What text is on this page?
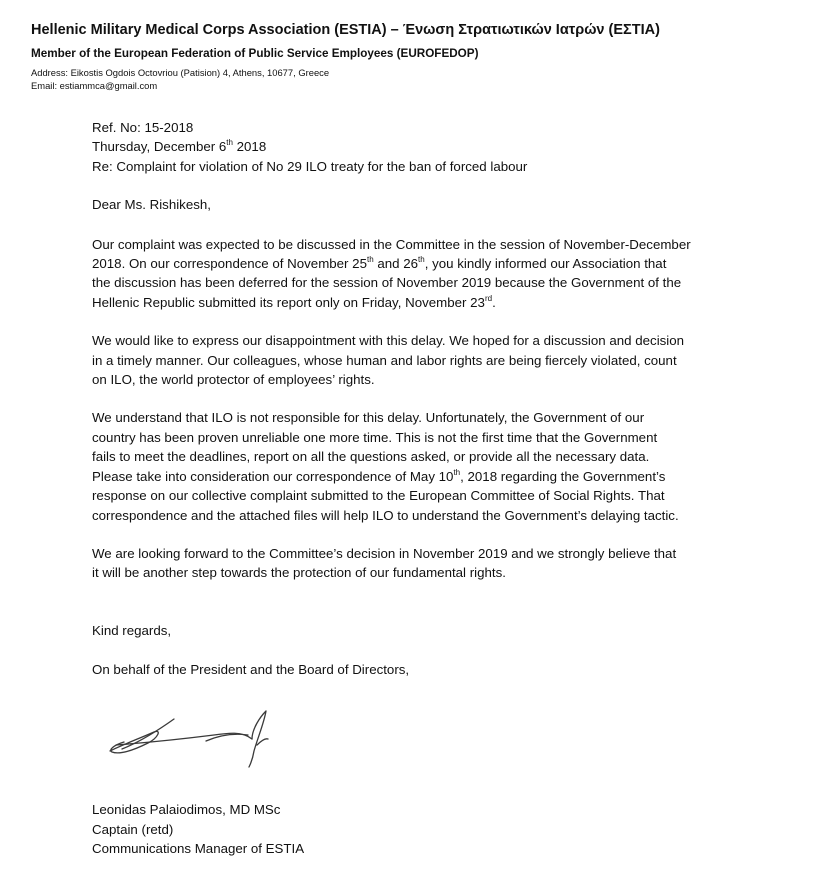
Hellenic Military Medical Corps Association (ESTIA) – Ένωση Στρατιωτικών Ιατρών (ΕΣΤΙΑ)
Member of the European Federation of Public Service Employees (EUROFEDOP)
Address: Eikostis Ogdois Octovriou (Patision) 4, Athens, 10677, Greece
Email: estiammca@gmail.com
Ref. No: 15-2018
Thursday, December 6th 2018
Re: Complaint for violation of No 29 ILO treaty for the ban of forced labour

Dear Ms. Rishikesh,

Our complaint was expected to be discussed in the Committee in the session of November-December

2018. On our correspondence of November 25th and 26th, you kindly informed our Association that

the discussion has been deferred for the session of November 2019 because the Government of the

Hellenic Republic submitted its report only on Friday, November 23rd.

We would like to express our disappointment with this delay. We hoped for a discussion and decision

in a timely manner. Our colleagues, whose human and labor rights are being fiercely violated, count

on ILO, the world protector of employees’ rights.

We understand that ILO is not responsible for this delay. Unfortunately, the Government of our

country has been proven unreliable one more time. This is not the first time that the Government

fails to meet the deadlines, report on all the questions asked, or provide all the necessary data.

Please take into consideration our correspondence of May 10th, 2018 regarding the Government’s

response on our collective complaint submitted to the European Committee of Social Rights. That

correspondence and the attached files will help ILO to understand the Government’s delaying tactic.

We are looking forward to the Committee’s decision in November 2019 and we strongly believe that

it will be another step towards the protection of our fundamental rights.

Kind regards,

On behalf of the President and the Board of Directors,

Leonidas Palaiodimos, MD MSc
Captain (retd)
Communications Manager of ESTIA
